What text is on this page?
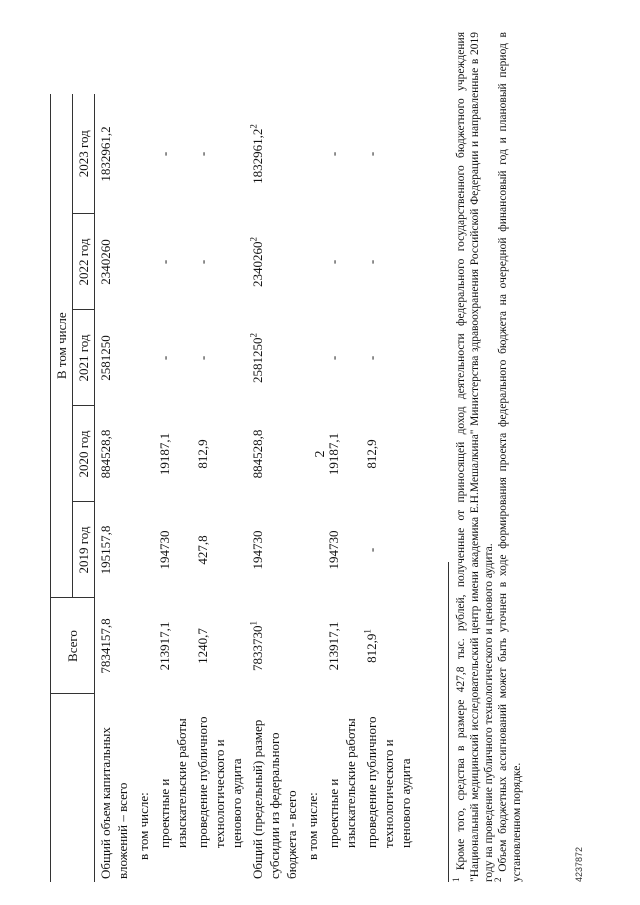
2
	Всего	В том числе				
		2019 год	2020 год	2021 год	2022 год	2023 год
Общий объем капитальных вложений – всего	7834157,8	195157,8	884528,8	2581250	2340260	1832961,2
в том числе:						
проектные и изыскательские работы	213917,1	194730	19187,1	-	-	-
проведение публичного технологического и ценового аудита	1240,7	427,8	812,9	-	-	-
Общий (предельный) размер субсидии из федерального бюджета - всего	7833730$^1$	194730	884528,8	2581250$^2$	2340260$^2$	1832961,2$^2$
в том числе:						
проектные и изыскательские работы	213917,1	194730	19187,1	-	-	-
проведение публичного технологического и ценового аудита	812,9$^1$	-	812,9	-	-	-

$^1$ Кроме того, средства в размере 427,8 тыс. рублей, полученные от приносящей доход деятельности федерального государственного бюджетного учреждения "Национальный медицинский исследовательский центр имени академика Е.Н.Мешалкина" Министерства здравоохранения Российской Федерации и направленные в 2019 году на проведение публичного технологического и ценового аудита.

$^2$ Объем бюджетных ассигнований может быть уточнен в ходе формирования проекта федерального бюджета на очередной финансовый год и плановый период в установленном порядке.	4237872
